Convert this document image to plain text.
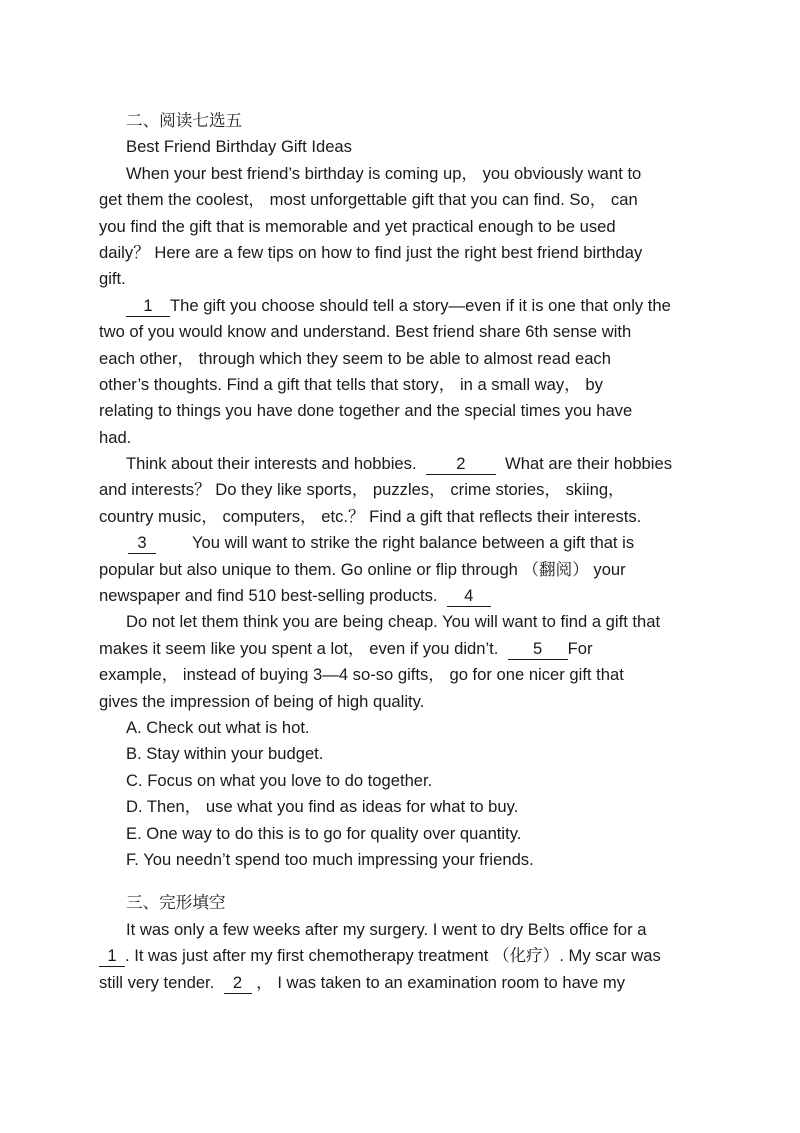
二、阅读七选五
Best Friend Birthday Gift Ideas
When your best friend’s birthday is coming up， you obviously want to
get them the coolest， most unforgettable gift that you can find. So， can
you find the gift that is memorable and yet practical enough to be used
daily？ Here are a few tips on how to find just the right best friend birthday
gift.
1 The gift you choose should tell a story—even if it is one that only the
two of you would know and understand. Best friend share 6th sense with
each other， through which they seem to be able to almost read each
other’s thoughts. Find a gift that tells that story， in a small way， by
relating to things you have done together and the special times you have
had.
Think about their interests and hobbies. 2 What are their hobbies
and interests？ Do they like sports， puzzles， crime stories， skiing，
country music， computers， etc.？ Find a gift that reflects their interests.
3	You will want to strike the right balance between a gift that is
popular but also unique to them. Go online or flip through （翻阅） your
newspaper and find 510 best-selling products. 4
Do not let them think you are being cheap. You will want to find a gift that
makes it seem like you spent a lot， even if you didn’t. 5 For
example， instead of buying 3—4 so-so gifts， go for one nicer gift that
gives the impression of being of high quality.
A. Check out what is hot.
B. Stay within your budget.
C. Focus on what you love to do together.
D. Then， use what you find as ideas for what to buy.
E. One way to do this is to go for quality over quantity.
F. You needn’t spend too much impressing your friends.
三、完形填空
It was only a few weeks after my surgery. I went to dry Belts office for a
1 . It was just after my first chemotherapy treatment （化疗）. My scar was
still very tender. 2 ， I was taken to an examination room to have my
